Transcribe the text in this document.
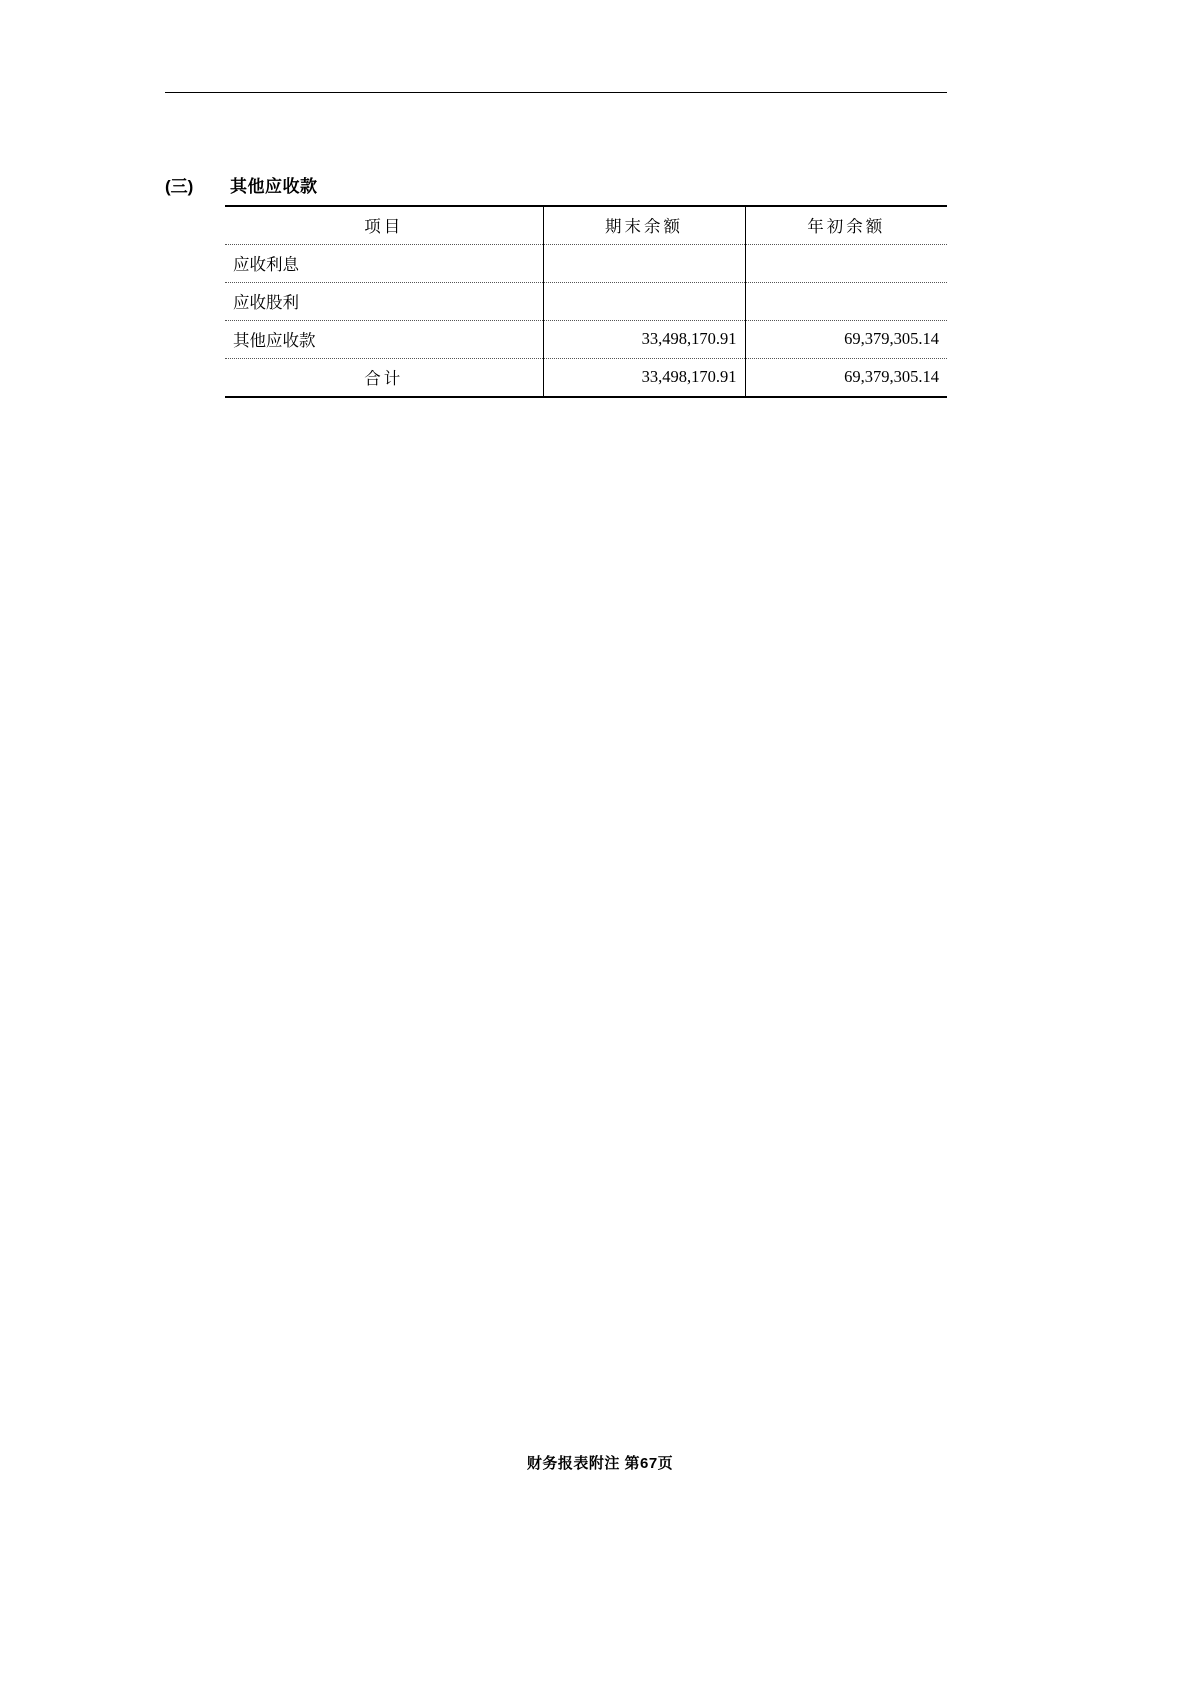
(三)	其他应收款
项目	期末余额	年初余额
应收利息		
应收股利		
其他应收款	33,498,170.91	69,379,305.14
合计	33,498,170.91	69,379,305.14
财务报表附注 第67页
